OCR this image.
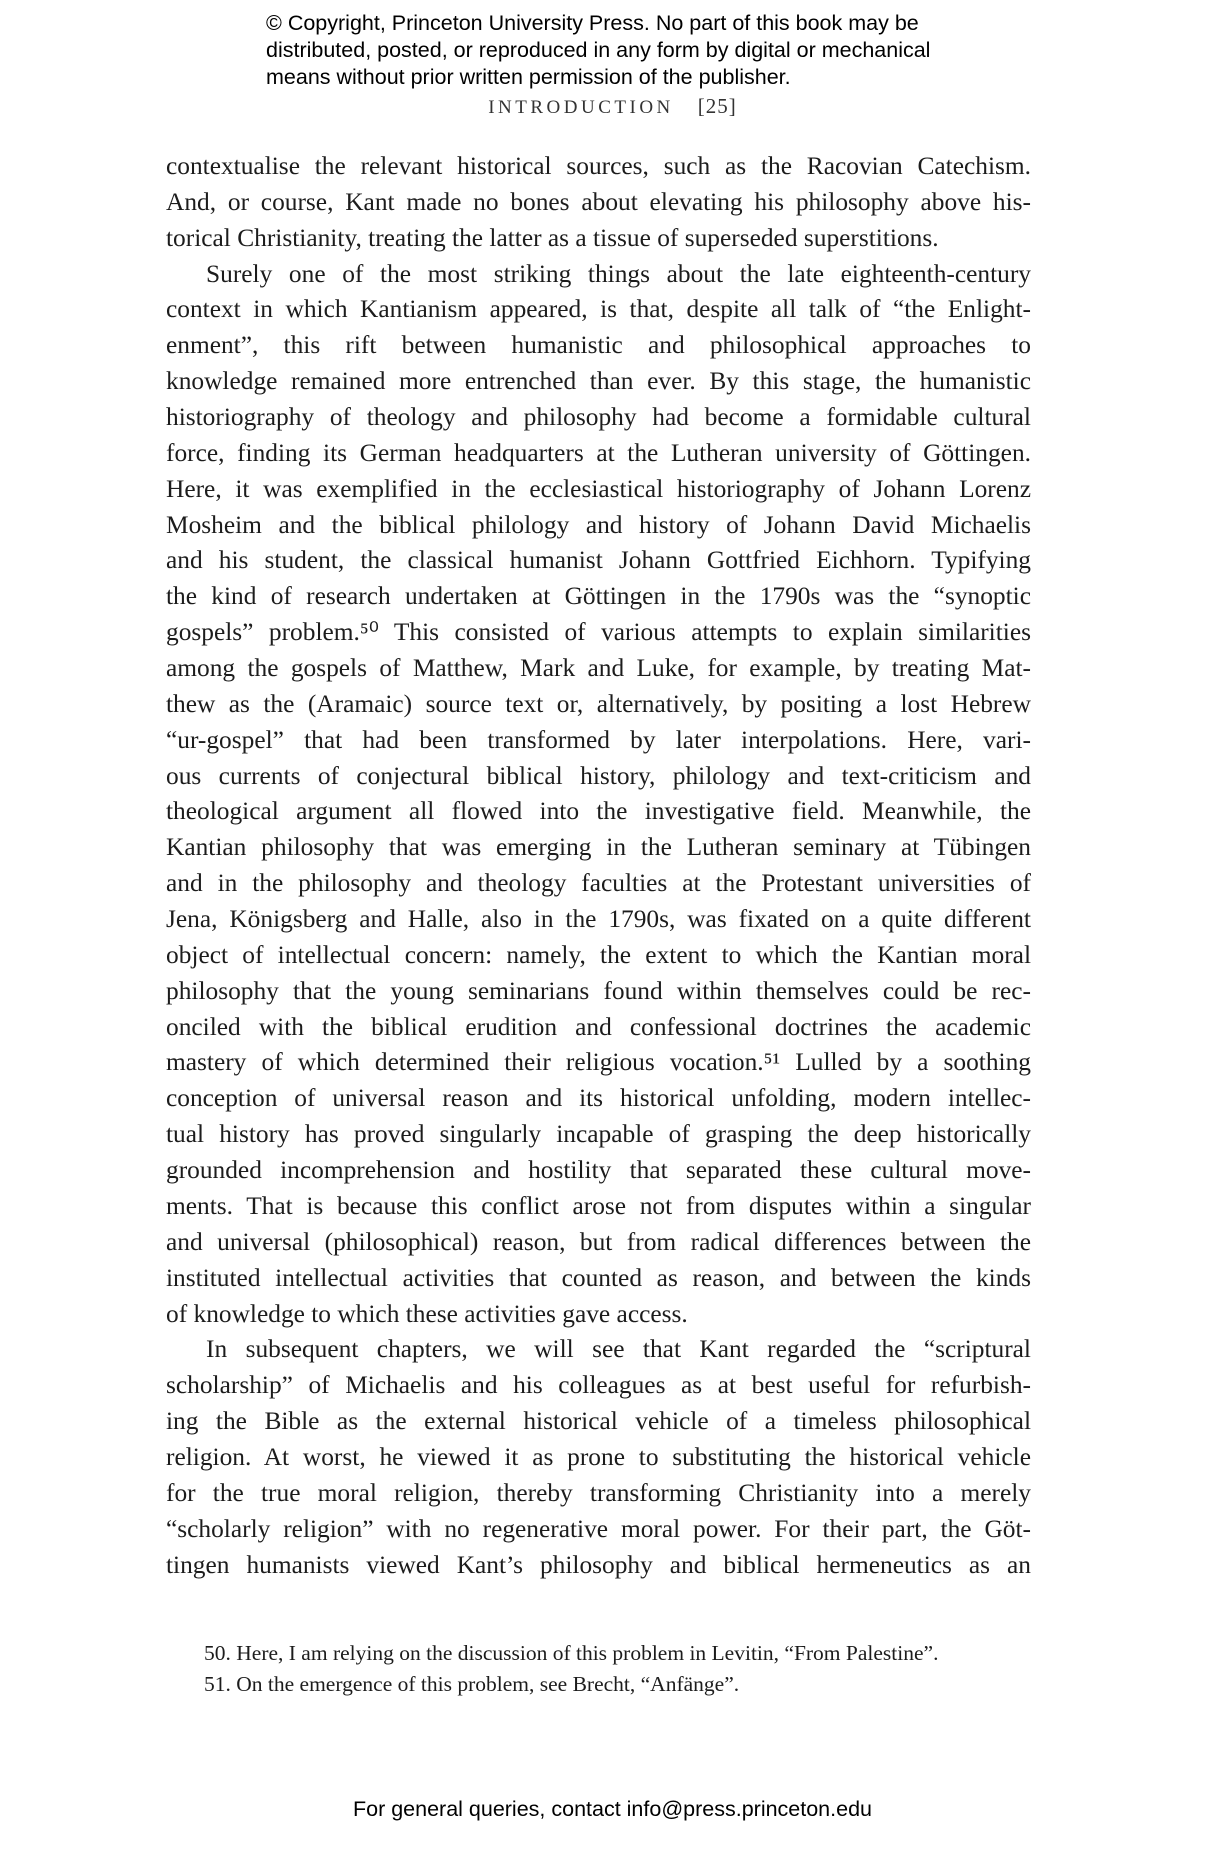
© Copyright, Princeton University Press. No part of this book may be
distributed, posted, or reproduced in any form by digital or mechanical
means without prior written permission of the publisher.
INTRODUCTION [25]
contextualise the relevant historical sources, such as the Racovian Catechism.
And, or course, Kant made no bones about elevating his philosophy above his-
torical Christianity, treating the latter as a tissue of superseded superstitions.
Surely one of the most striking things about the late eighteenth-century
context in which Kantianism appeared, is that, despite all talk of “the Enlight-
enment”, this rift between humanistic and philosophical approaches to
knowledge remained more entrenched than ever. By this stage, the humanistic
historiography of theology and philosophy had become a formidable cultural
force, finding its German headquarters at the Lutheran university of Göttingen.
Here, it was exemplified in the ecclesiastical historiography of Johann Lorenz
Mosheim and the biblical philology and history of Johann David Michaelis
and his student, the classical humanist Johann Gottfried Eichhorn. Typifying
the kind of research undertaken at Göttingen in the 1790s was the “synoptic
gospels” problem.⁵⁰ This consisted of various attempts to explain similarities
among the gospels of Matthew, Mark and Luke, for example, by treating Mat-
thew as the (Aramaic) source text or, alternatively, by positing a lost Hebrew
“ur-gospel” that had been transformed by later interpolations. Here, vari-
ous currents of conjectural biblical history, philology and text-criticism and
theological argument all flowed into the investigative field. Meanwhile, the
Kantian philosophy that was emerging in the Lutheran seminary at Tübingen
and in the philosophy and theology faculties at the Protestant universities of
Jena, Königsberg and Halle, also in the 1790s, was fixated on a quite different
object of intellectual concern: namely, the extent to which the Kantian moral
philosophy that the young seminarians found within themselves could be rec-
onciled with the biblical erudition and confessional doctrines the academic
mastery of which determined their religious vocation.⁵¹ Lulled by a soothing
conception of universal reason and its historical unfolding, modern intellec-
tual history has proved singularly incapable of grasping the deep historically
grounded incomprehension and hostility that separated these cultural move-
ments. That is because this conflict arose not from disputes within a singular
and universal (philosophical) reason, but from radical differences between the
instituted intellectual activities that counted as reason, and between the kinds
of knowledge to which these activities gave access.
In subsequent chapters, we will see that Kant regarded the “scriptural
scholarship” of Michaelis and his colleagues as at best useful for refurbish-
ing the Bible as the external historical vehicle of a timeless philosophical
religion. At worst, he viewed it as prone to substituting the historical vehicle
for the true moral religion, thereby transforming Christianity into a merely
“scholarly religion” with no regenerative moral power. For their part, the Göt-
tingen humanists viewed Kant’s philosophy and biblical hermeneutics as an
50. Here, I am relying on the discussion of this problem in Levitin, “From Palestine”.
51. On the emergence of this problem, see Brecht, “Anfänge”.
For general queries, contact info@press.princeton.edu
